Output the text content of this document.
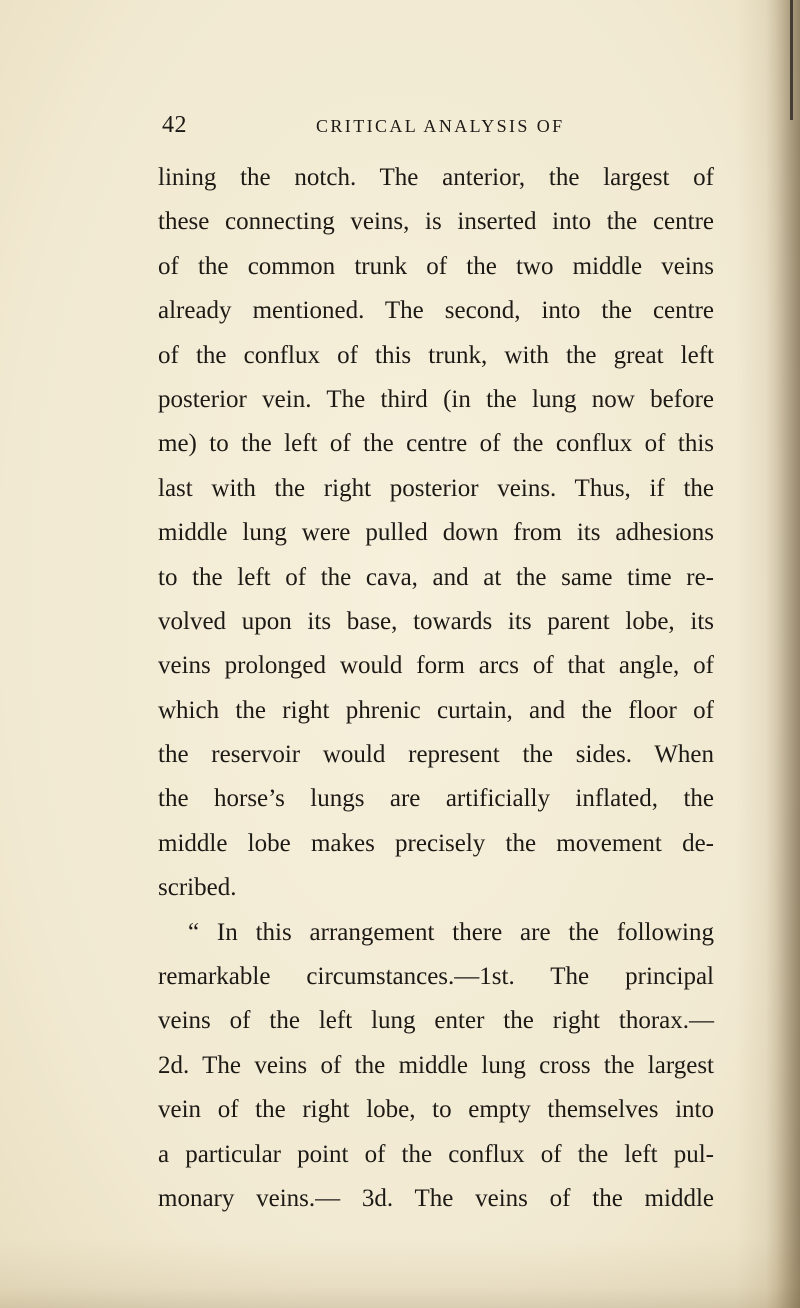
42	CRITICAL ANALYSIS OF
lining the notch. The anterior, the largest of
these connecting veins, is inserted into the centre
of the common trunk of the two middle veins
already mentioned. The second, into the centre
of the conflux of this trunk, with the great left
posterior vein. The third (in the lung now before
me) to the left of the centre of the conflux of this
last with the right posterior veins. Thus, if the
middle lung were pulled down from its adhesions
to the left of the cava, and at the same time re-
volved upon its base, towards its parent lobe, its
veins prolonged would form arcs of that angle, of
which the right phrenic curtain, and the floor of
the reservoir would represent the sides. When
the horse’s lungs are artificially inflated, the
middle lobe makes precisely the movement de-
scribed.
“ In this arrangement there are the following
remarkable circumstances.—1st. The principal
veins of the left lung enter the right thorax.—
2d. The veins of the middle lung cross the largest
vein of the right lobe, to empty themselves into
a particular point of the conflux of the left pul-
monary veins.— 3d. The veins of the middle
